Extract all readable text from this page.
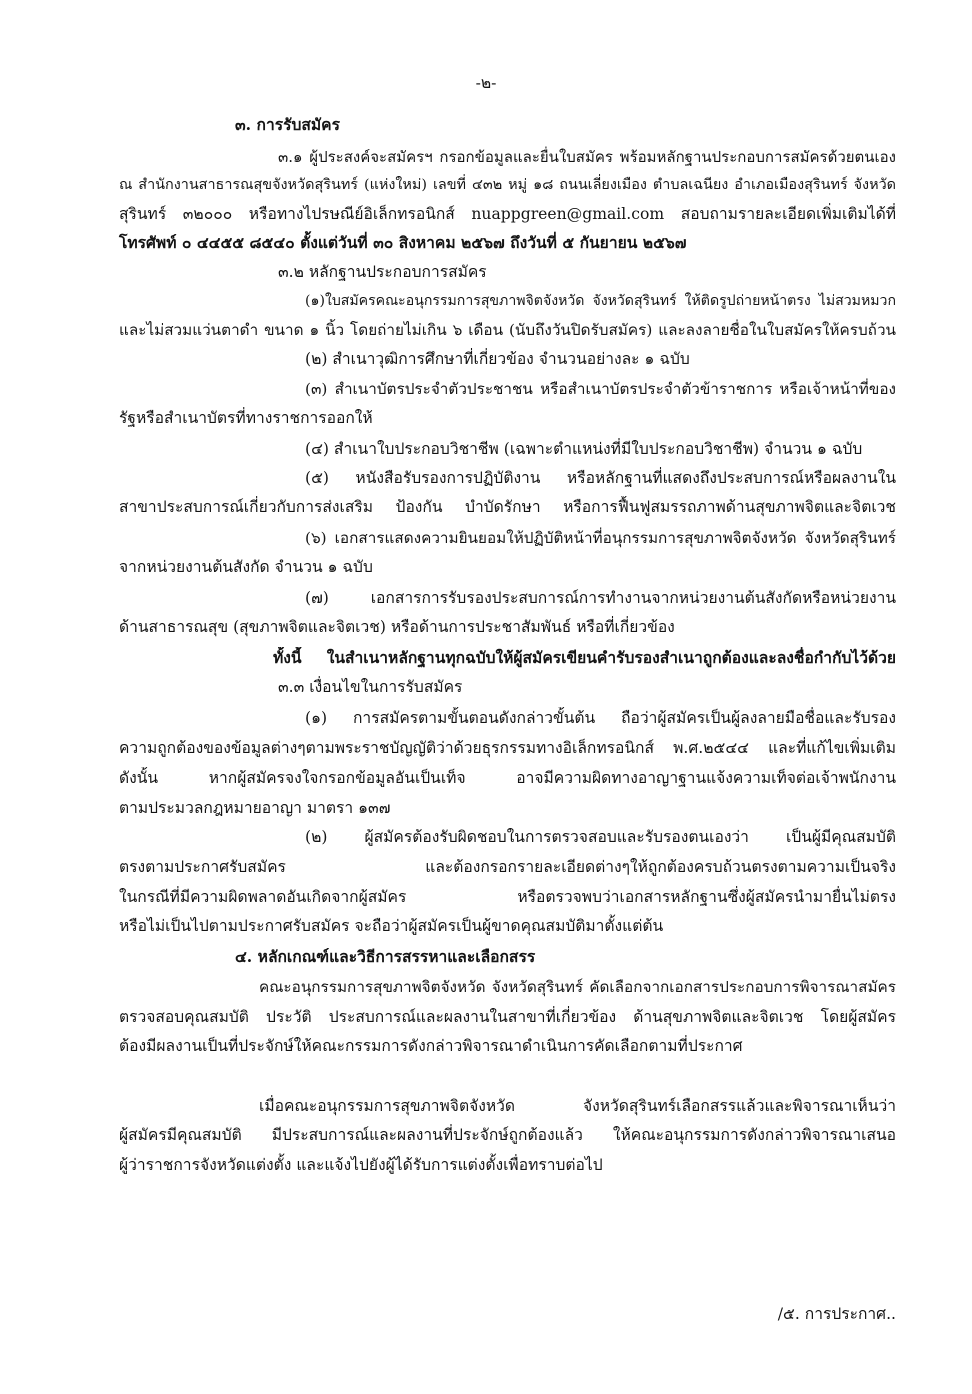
-๒-
๓. การรับสมัคร
๓.๑ ผู้ประสงค์จะสมัครฯ กรอกข้อมูลและยื่นใบสมัคร พร้อมหลักฐานประกอบการสมัครด้วยตนเอง
ณ สำนักงานสาธารณสุขจังหวัดสุรินทร์ (แห่งใหม่) เลขที่ ๔๓๒ หมู่ ๑๘ ถนนเลี่ยงเมือง ตำบลเฉนียง อำเภอเมืองสุรินทร์ จังหวัด
สุรินทร์ ๓๒๐๐๐ หรือทางไปรษณีย์อิเล็กทรอนิกส์ nuappgreen@gmail.com สอบถามรายละเอียดเพิ่มเติมได้ที่
โทรศัพท์ ๐ ๔๔๕๕ ๘๕๔๐ ตั้งแต่วันที่ ๓๐ สิงหาคม ๒๕๖๗ ถึงวันที่ ๕ กันยายน ๒๕๖๗
๓.๒ หลักฐานประกอบการสมัคร
(๑)ใบสมัครคณะอนุกรรมการสุขภาพจิตจังหวัด จังหวัดสุรินทร์ ให้ติดรูปถ่ายหน้าตรง ไม่สวมหมวก
และไม่สวมแว่นตาดำ ขนาด ๑ นิ้ว โดยถ่ายไม่เกิน ๖ เดือน (นับถึงวันปิดรับสมัคร) และลงลายชื่อในใบสมัครให้ครบถ้วน
(๒) สำเนาวุฒิการศึกษาที่เกี่ยวข้อง จำนวนอย่างละ ๑ ฉบับ
(๓) สำเนาบัตรประจำตัวประชาชน หรือสำเนาบัตรประจำตัวข้าราชการ หรือเจ้าหน้าที่ของ
รัฐหรือสำเนาบัตรที่ทางราชการออกให้
(๔) สำเนาใบประกอบวิชาชีพ (เฉพาะตำแหน่งที่มีใบประกอบวิชาชีพ) จำนวน ๑ ฉบับ
(๕) หนังสือรับรองการปฏิบัติงาน หรือหลักฐานที่แสดงถึงประสบการณ์หรือผลงานใน
สาขาประสบการณ์เกี่ยวกับการส่งเสริม ป้องกัน บำบัดรักษา หรือการฟื้นฟูสมรรถภาพด้านสุขภาพจิตและจิตเวช
(๖) เอกสารแสดงความยินยอมให้ปฏิบัติหน้าที่อนุกรรมการสุขภาพจิตจังหวัด จังหวัดสุรินทร์
จากหน่วยงานต้นสังกัด จำนวน ๑ ฉบับ
(๗) เอกสารการรับรองประสบการณ์การทำงานจากหน่วยงานต้นสังกัดหรือหน่วยงาน
ด้านสาธารณสุข (สุขภาพจิตและจิตเวช) หรือด้านการประชาสัมพันธ์ หรือที่เกี่ยวข้อง
ทั้งนี้ ในสำเนาหลักฐานทุกฉบับให้ผู้สมัครเขียนคำรับรองสำเนาถูกต้องและลงชื่อกำกับไว้ด้วย
๓.๓ เงื่อนไขในการรับสมัคร
(๑) การสมัครตามขั้นตอนดังกล่าวขั้นต้น ถือว่าผู้สมัครเป็นผู้ลงลายมือชื่อและรับรอง
ความถูกต้องของข้อมูลต่างๆตามพระราชบัญญัติว่าด้วยธุรกรรมทางอิเล็กทรอนิกส์ พ.ศ.๒๕๔๔ และที่แก้ไขเพิ่มเติม
ดังนั้น หากผู้สมัครจงใจกรอกข้อมูลอันเป็นเท็จ อาจมีความผิดทางอาญาฐานแจ้งความเท็จต่อเจ้าพนักงาน
ตามประมวลกฎหมายอาญา มาตรา ๑๓๗
(๒) ผู้สมัครต้องรับผิดชอบในการตรวจสอบและรับรองตนเองว่า เป็นผู้มีคุณสมบัติ
ตรงตามประกาศรับสมัคร และต้องกรอกรายละเอียดต่างๆให้ถูกต้องครบถ้วนตรงตามความเป็นจริง
ในกรณีที่มีความผิดพลาดอันเกิดจากผู้สมัคร หรือตรวจพบว่าเอกสารหลักฐานซึ่งผู้สมัครนำมายื่นไม่ตรง
หรือไม่เป็นไปตามประกาศรับสมัคร จะถือว่าผู้สมัครเป็นผู้ขาดคุณสมบัติมาตั้งแต่ต้น
๔. หลักเกณฑ์และวิธีการสรรหาและเลือกสรร
คณะอนุกรรมการสุขภาพจิตจังหวัด จังหวัดสุรินทร์ คัดเลือกจากเอกสารประกอบการพิจารณาสมัคร
ตรวจสอบคุณสมบัติ ประวัติ ประสบการณ์และผลงานในสาขาที่เกี่ยวข้อง ด้านสุขภาพจิตและจิตเวช โดยผู้สมัคร
ต้องมีผลงานเป็นที่ประจักษ์ให้คณะกรรมการดังกล่าวพิจารณาดำเนินการคัดเลือกตามที่ประกาศ
เมื่อคณะอนุกรรมการสุขภาพจิตจังหวัด จังหวัดสุรินทร์เลือกสรรแล้วและพิจารณาเห็นว่า
ผู้สมัครมีคุณสมบัติ มีประสบการณ์และผลงานที่ประจักษ์ถูกต้องแล้ว ให้คณะอนุกรรมการดังกล่าวพิจารณาเสนอ
ผู้ว่าราชการจังหวัดแต่งตั้ง และแจ้งไปยังผู้ได้รับการแต่งตั้งเพื่อทราบต่อไป
/๕. การประกาศ..
